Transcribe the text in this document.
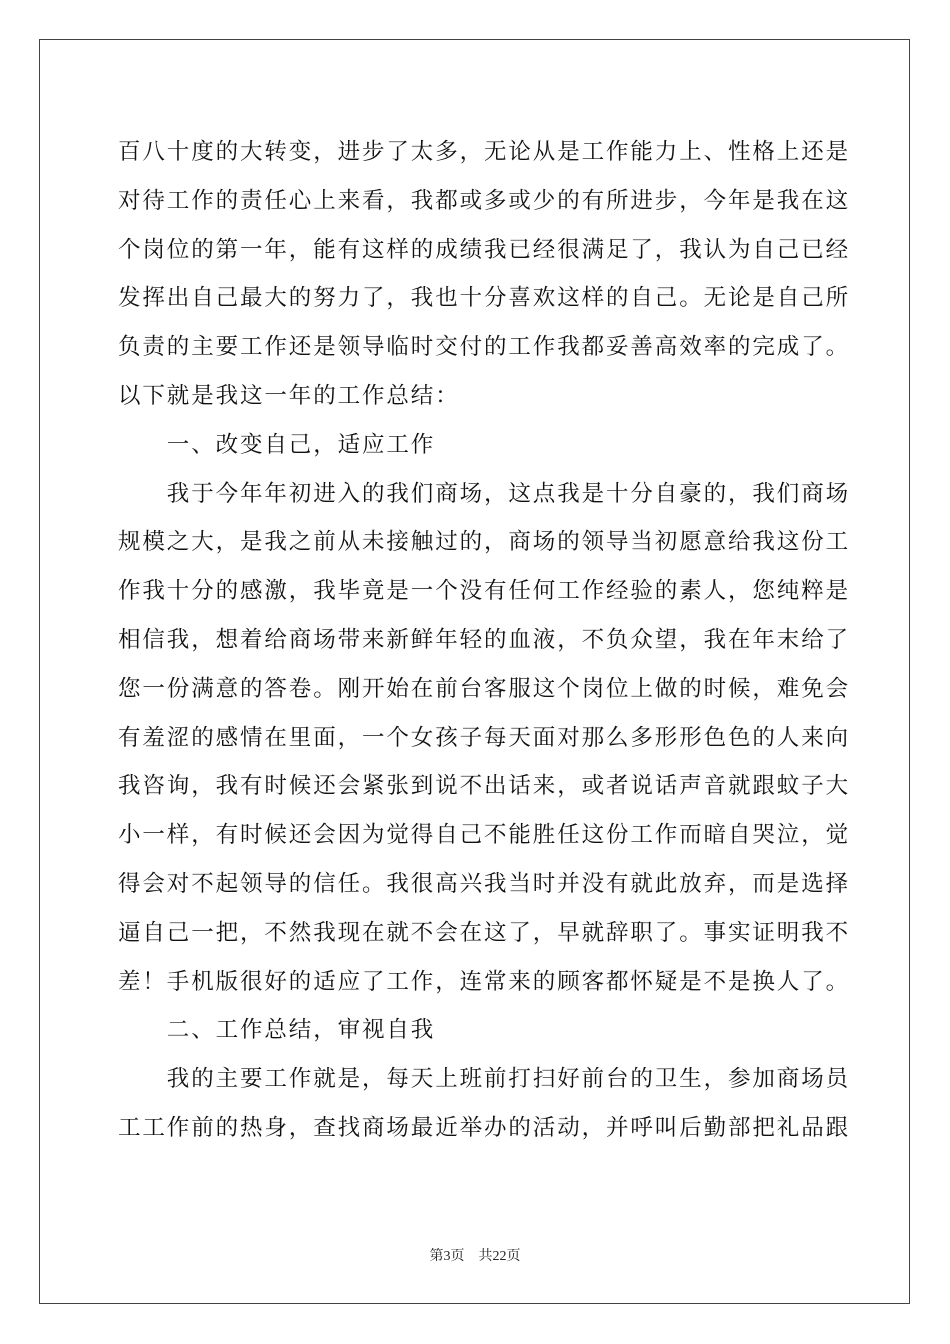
百八十度的大转变，进步了太多，无论从是工作能力上、性格上还是
对待工作的责任心上来看，我都或多或少的有所进步，今年是我在这
个岗位的第一年，能有这样的成绩我已经很满足了，我认为自己已经
发挥出自己最大的努力了，我也十分喜欢这样的自己。无论是自己所
负责的主要工作还是领导临时交付的工作我都妥善高效率的完成了。
以下就是我这一年的工作总结：
　　一、改变自己，适应工作
　　我于今年年初进入的我们商场，这点我是十分自豪的，我们商场
规模之大，是我之前从未接触过的，商场的领导当初愿意给我这份工
作我十分的感激，我毕竟是一个没有任何工作经验的素人，您纯粹是
相信我，想着给商场带来新鲜年轻的血液，不负众望，我在年末给了
您一份满意的答卷。刚开始在前台客服这个岗位上做的时候，难免会
有羞涩的感情在里面，一个女孩子每天面对那么多形形色色的人来向
我咨询，我有时候还会紧张到说不出话来，或者说话声音就跟蚊子大
小一样，有时候还会因为觉得自己不能胜任这份工作而暗自哭泣，觉
得会对不起领导的信任。我很高兴我当时并没有就此放弃，而是选择
逼自己一把，不然我现在就不会在这了，早就辞职了。事实证明我不
差！手机版很好的适应了工作，连常来的顾客都怀疑是不是换人了。
　　二、工作总结，审视自我
　　我的主要工作就是，每天上班前打扫好前台的卫生，参加商场员
工工作前的热身，查找商场最近举办的活动，并呼叫后勤部把礼品跟
第3页 共22页
